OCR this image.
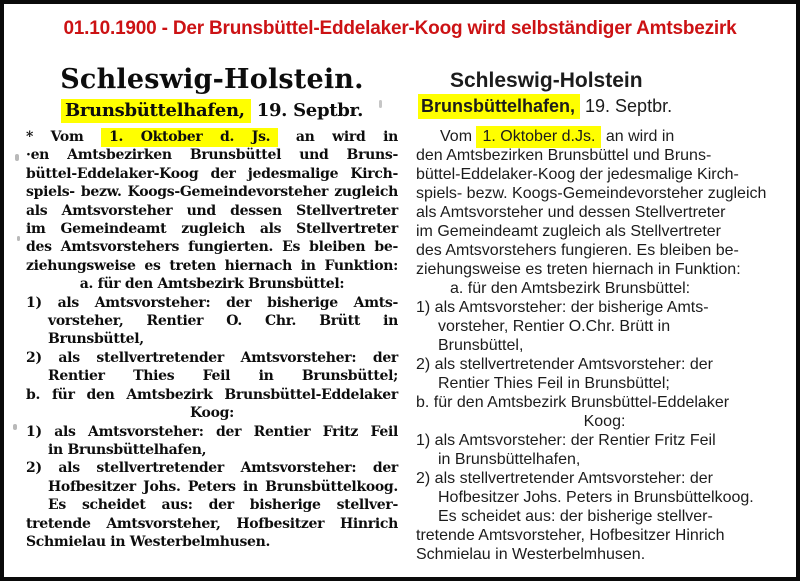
01.10.1900 - Der Brunsbüttel-Eddelaker-Koog wird selbständiger Amtsbezirk
Schleswig-Holstein.
Brunsbüttelhafen, 19. Septbr.
* Vom 1. Oktober d. Js. an wird in
·en Amtsbezirken Brunsbüttel und Bruns-
büttel-Eddelaker-Koog der jedesmalige Kirch-
spiels- bezw. Koogs-Gemeindevorsteher zugleich
als Amtsvorsteher und dessen Stellvertreter
im Gemeindeamt zugleich als Stellvertreter
des Amtsvorstehers fungierten. Es bleiben be-
ziehungsweise es treten hiernach in Funktion:
a. für den Amtsbezirk Brunsbüttel:
1) als Amtsvorsteher: der bisherige Amts-
vorsteher, Rentier O. Chr. Brütt in
Brunsbüttel,
2) als stellvertretender Amtsvorsteher: der
Rentier Thies Feil in Brunsbüttel;
b. für den Amtsbezirk Brunsbüttel-Eddelaker
Koog:
1) als Amtsvorsteher: der Rentier Fritz Feil
in Brunsbüttelhafen,
2) als stellvertretender Amtsvorsteher: der
Hofbesitzer Johs. Peters in Brunsbüttelkoog.
Es scheidet aus: der bisherige stellver-
tretende Amtsvorsteher, Hofbesitzer Hinrich
Schmielau in Westerbelmhusen.
Schleswig-Holstein
Brunsbüttelhafen, 19. Septbr.
Vom 1. Oktober d.Js. an wird in
den Amtsbezirken Brunsbüttel und Bruns-
büttel-Eddelaker-Koog der jedesmalige Kirch-
spiels- bezw. Koogs-Gemeindevorsteher zugleich
als Amtsvorsteher und dessen Stellvertreter
im Gemeindeamt zugleich als Stellvertreter
des Amtsvorstehers fungieren. Es bleiben be-
ziehungsweise es treten hiernach in Funktion:
a. für den Amtsbezirk Brunsbüttel:
1) als Amtsvorsteher: der bisherige Amts-
vorsteher, Rentier O.Chr. Brütt in
Brunsbüttel,
2) als stellvertretender Amtsvorsteher: der
Rentier Thies Feil in Brunsbüttel;
b. für den Amtsbezirk Brunsbüttel-Eddelaker
Koog:
1) als Amtsvorsteher: der Rentier Fritz Feil
in Brunsbüttelhafen,
2) als stellvertretender Amtsvorsteher: der
Hofbesitzer Johs. Peters in Brunsbüttelkoog.
Es scheidet aus: der bisherige stellver-
tretende Amtsvorsteher, Hofbesitzer Hinrich
Schmielau in Westerbelmhusen.
